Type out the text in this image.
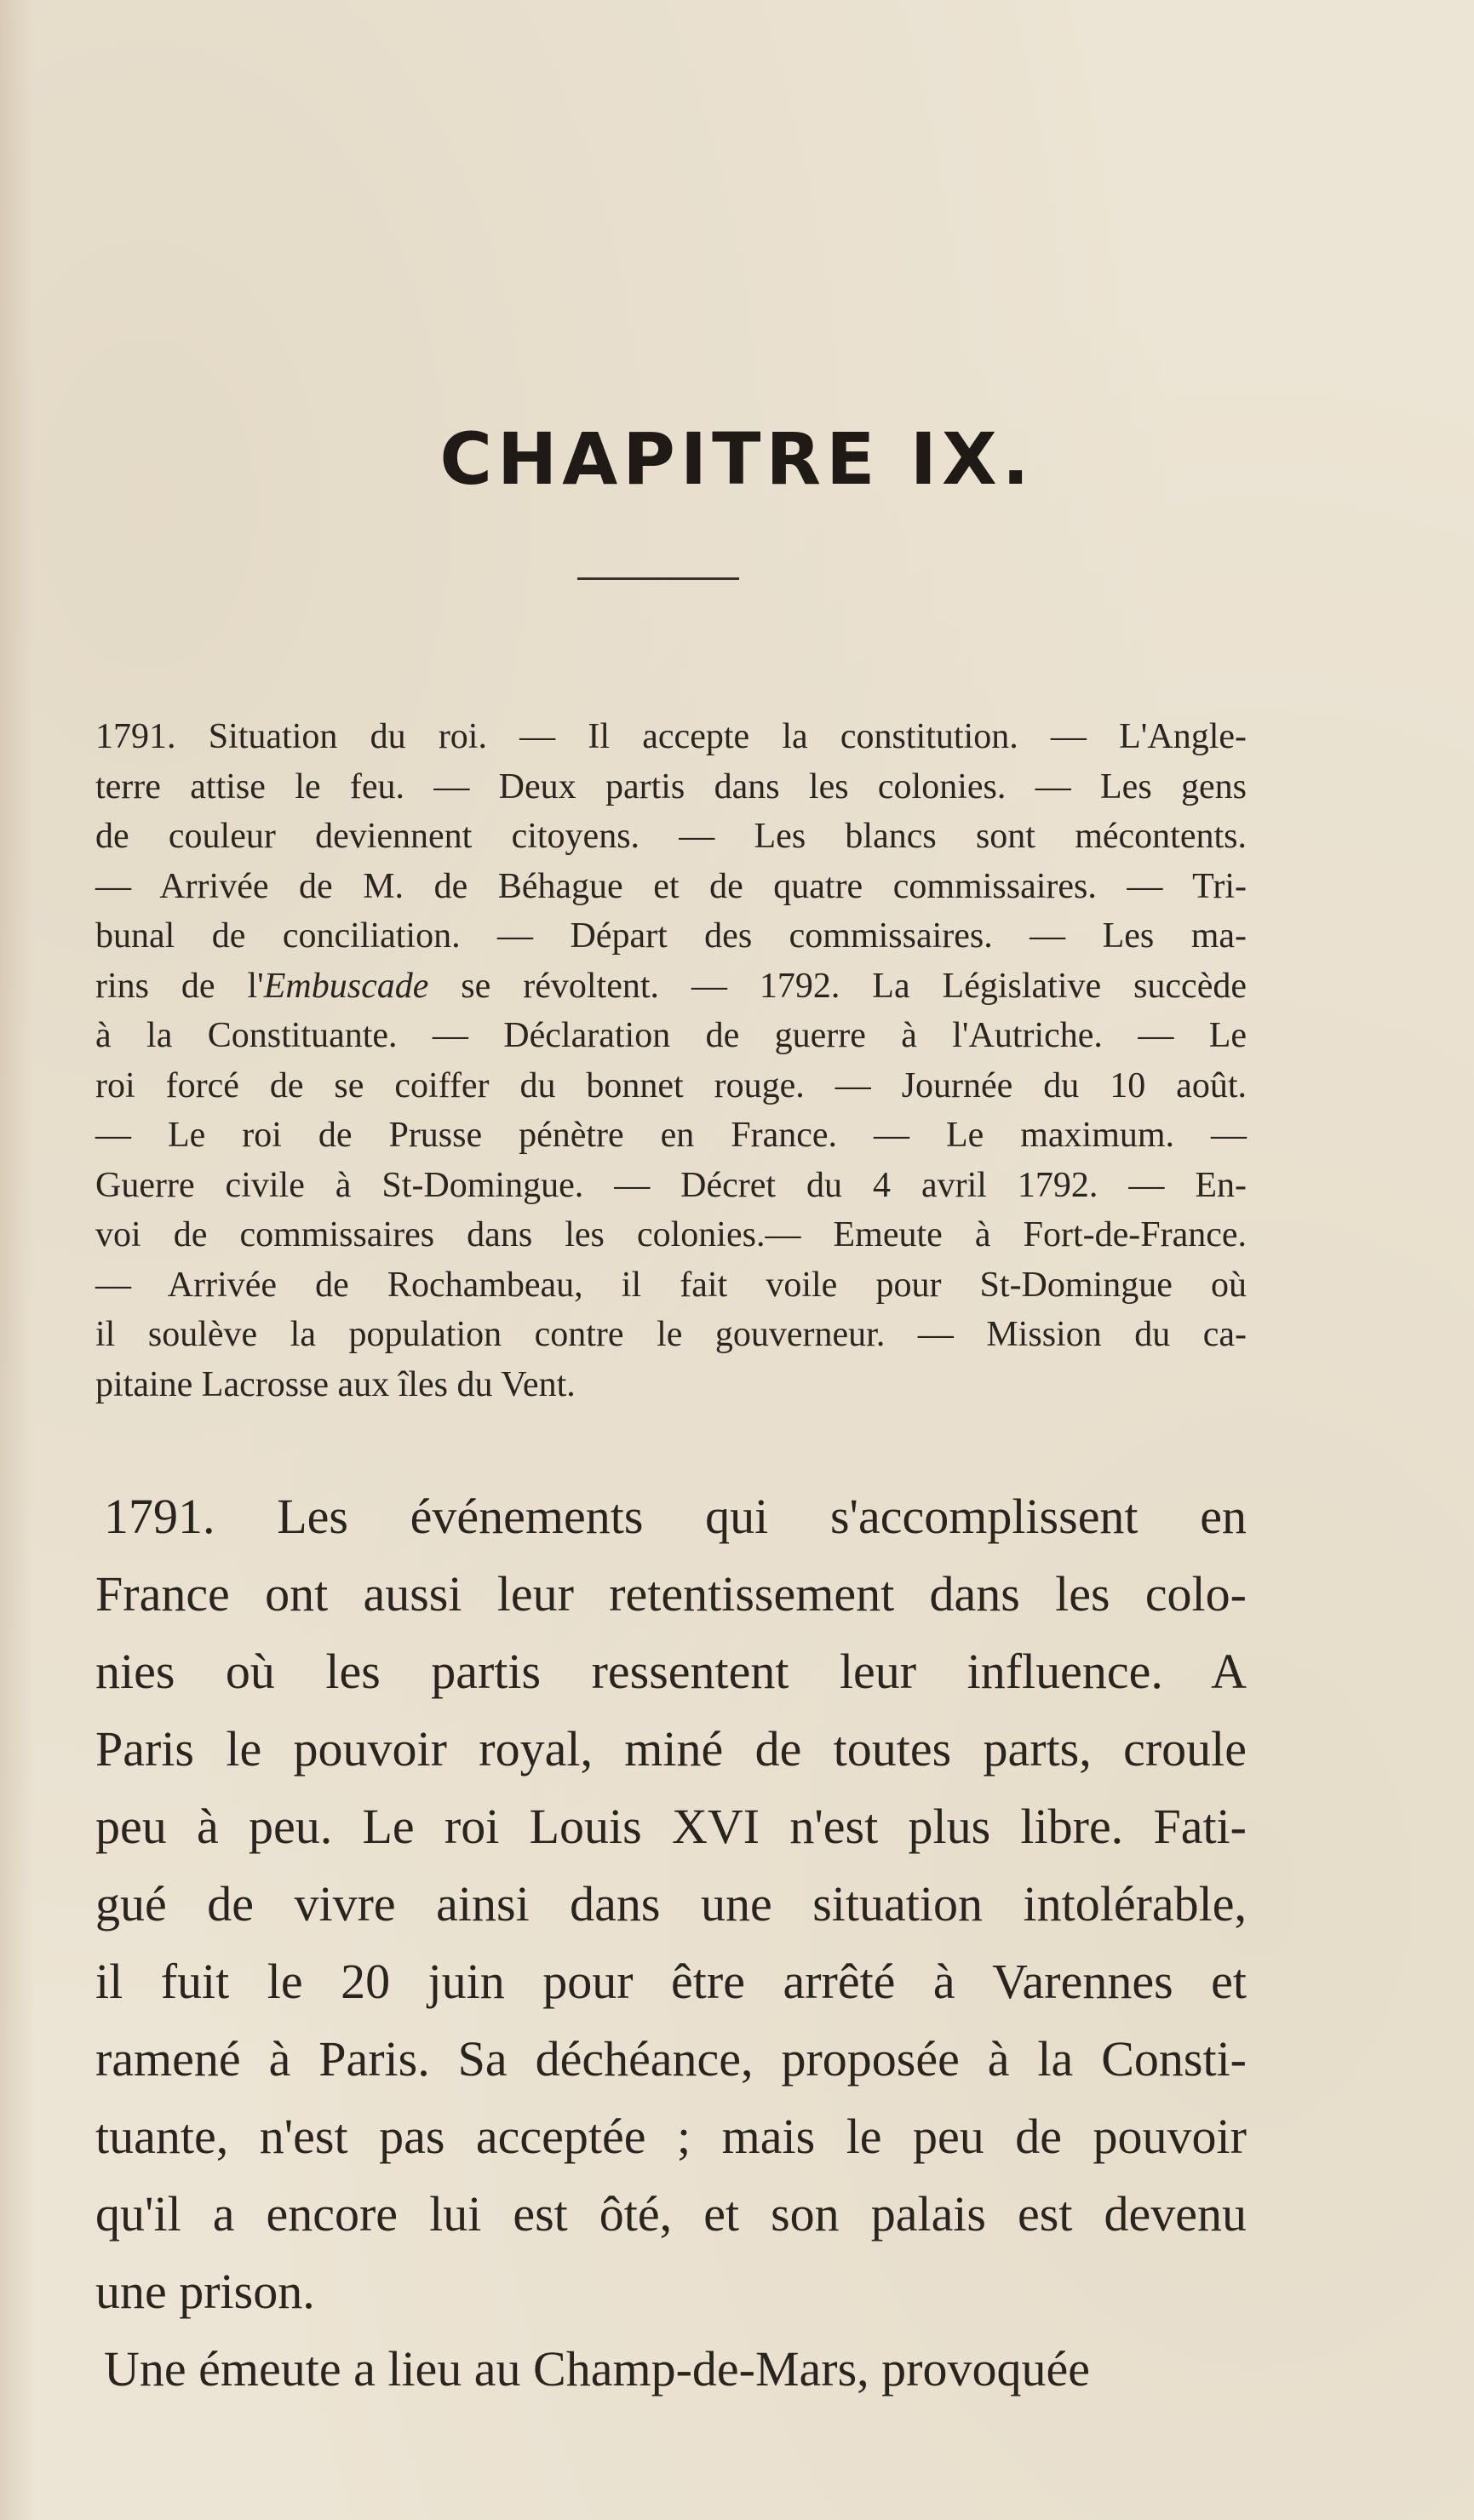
CHAPITRE IX.
1791. Situation du roi. — Il accepte la constitution. — L'Angle-
terre attise le feu. — Deux partis dans les colonies. — Les gens
de couleur deviennent citoyens. — Les blancs sont mécontents.
— Arrivée de M. de Béhague et de quatre commissaires. — Tri-
bunal de conciliation. — Départ des commissaires. — Les ma-
rins de l'Embuscade se révoltent. — 1792. La Législative succède
à la Constituante. — Déclaration de guerre à l'Autriche. — Le
roi forcé de se coiffer du bonnet rouge. — Journée du 10 août.
— Le roi de Prusse pénètre en France. — Le maximum. —
Guerre civile à St-Domingue. — Décret du 4 avril 1792. — En-
voi de commissaires dans les colonies.— Emeute à Fort-de-France.
— Arrivée de Rochambeau, il fait voile pour St-Domingue où
il soulève la population contre le gouverneur. — Mission du ca-
pitaine Lacrosse aux îles du Vent.
1791. Les événements qui s'accomplissent en
France ont aussi leur retentissement dans les colo-
nies où les partis ressentent leur influence. A
Paris le pouvoir royal, miné de toutes parts, croule
peu à peu. Le roi Louis XVI n'est plus libre. Fati-
gué de vivre ainsi dans une situation intolérable,
il fuit le 20 juin pour être arrêté à Varennes et
ramené à Paris. Sa déchéance, proposée à la Consti-
tuante, n'est pas acceptée ; mais le peu de pouvoir
qu'il a encore lui est ôté, et son palais est devenu
une prison.
Une émeute a lieu au Champ-de-Mars, provoquée
